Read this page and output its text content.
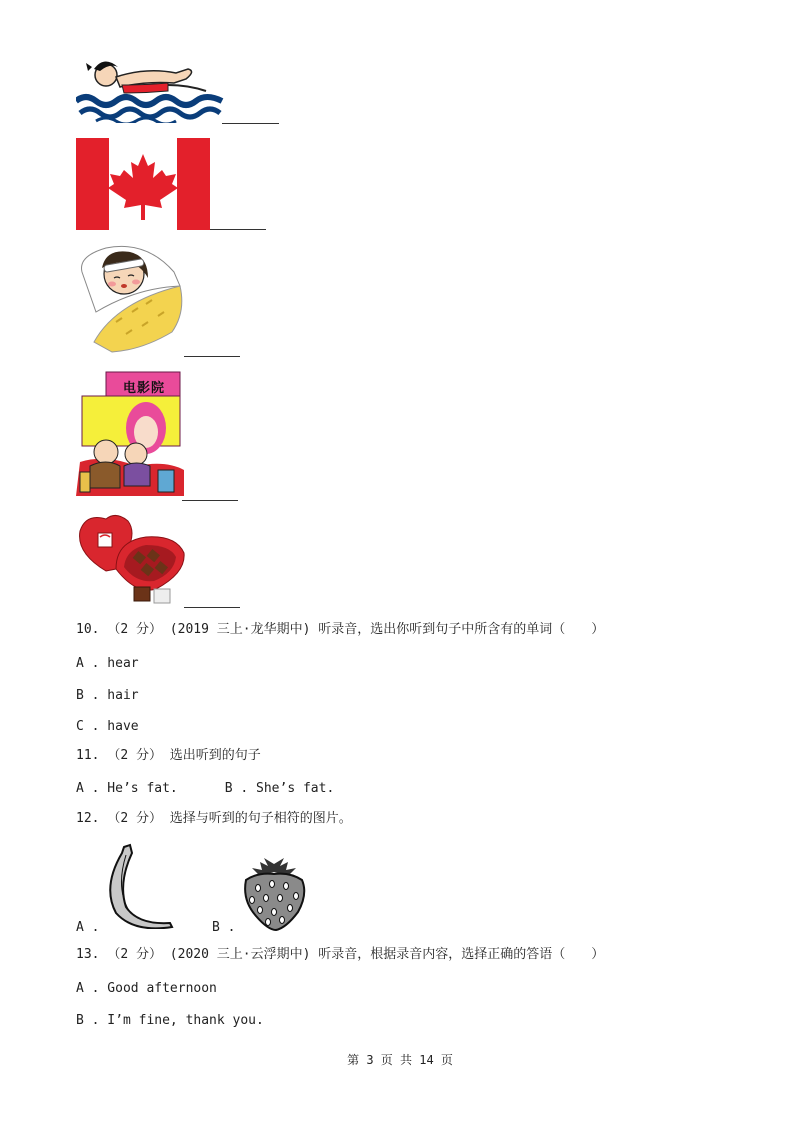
电影院
10. （2 分） (2019 三上·龙华期中) 听录音，选出你听到句子中所含有的单词（　　）
A . hear
B . hair
C . have
11. （2 分） 选出听到的句子
A . He’s fat.      B . She’s fat.
12. （2 分） 选择与听到的句子相符的图片。
A .	B .
13. （2 分） (2020 三上·云浮期中) 听录音，根据录音内容，选择正确的答语（　　）
A . Good afternoon
B . I’m fine, thank you.
第 3 页 共 14 页
